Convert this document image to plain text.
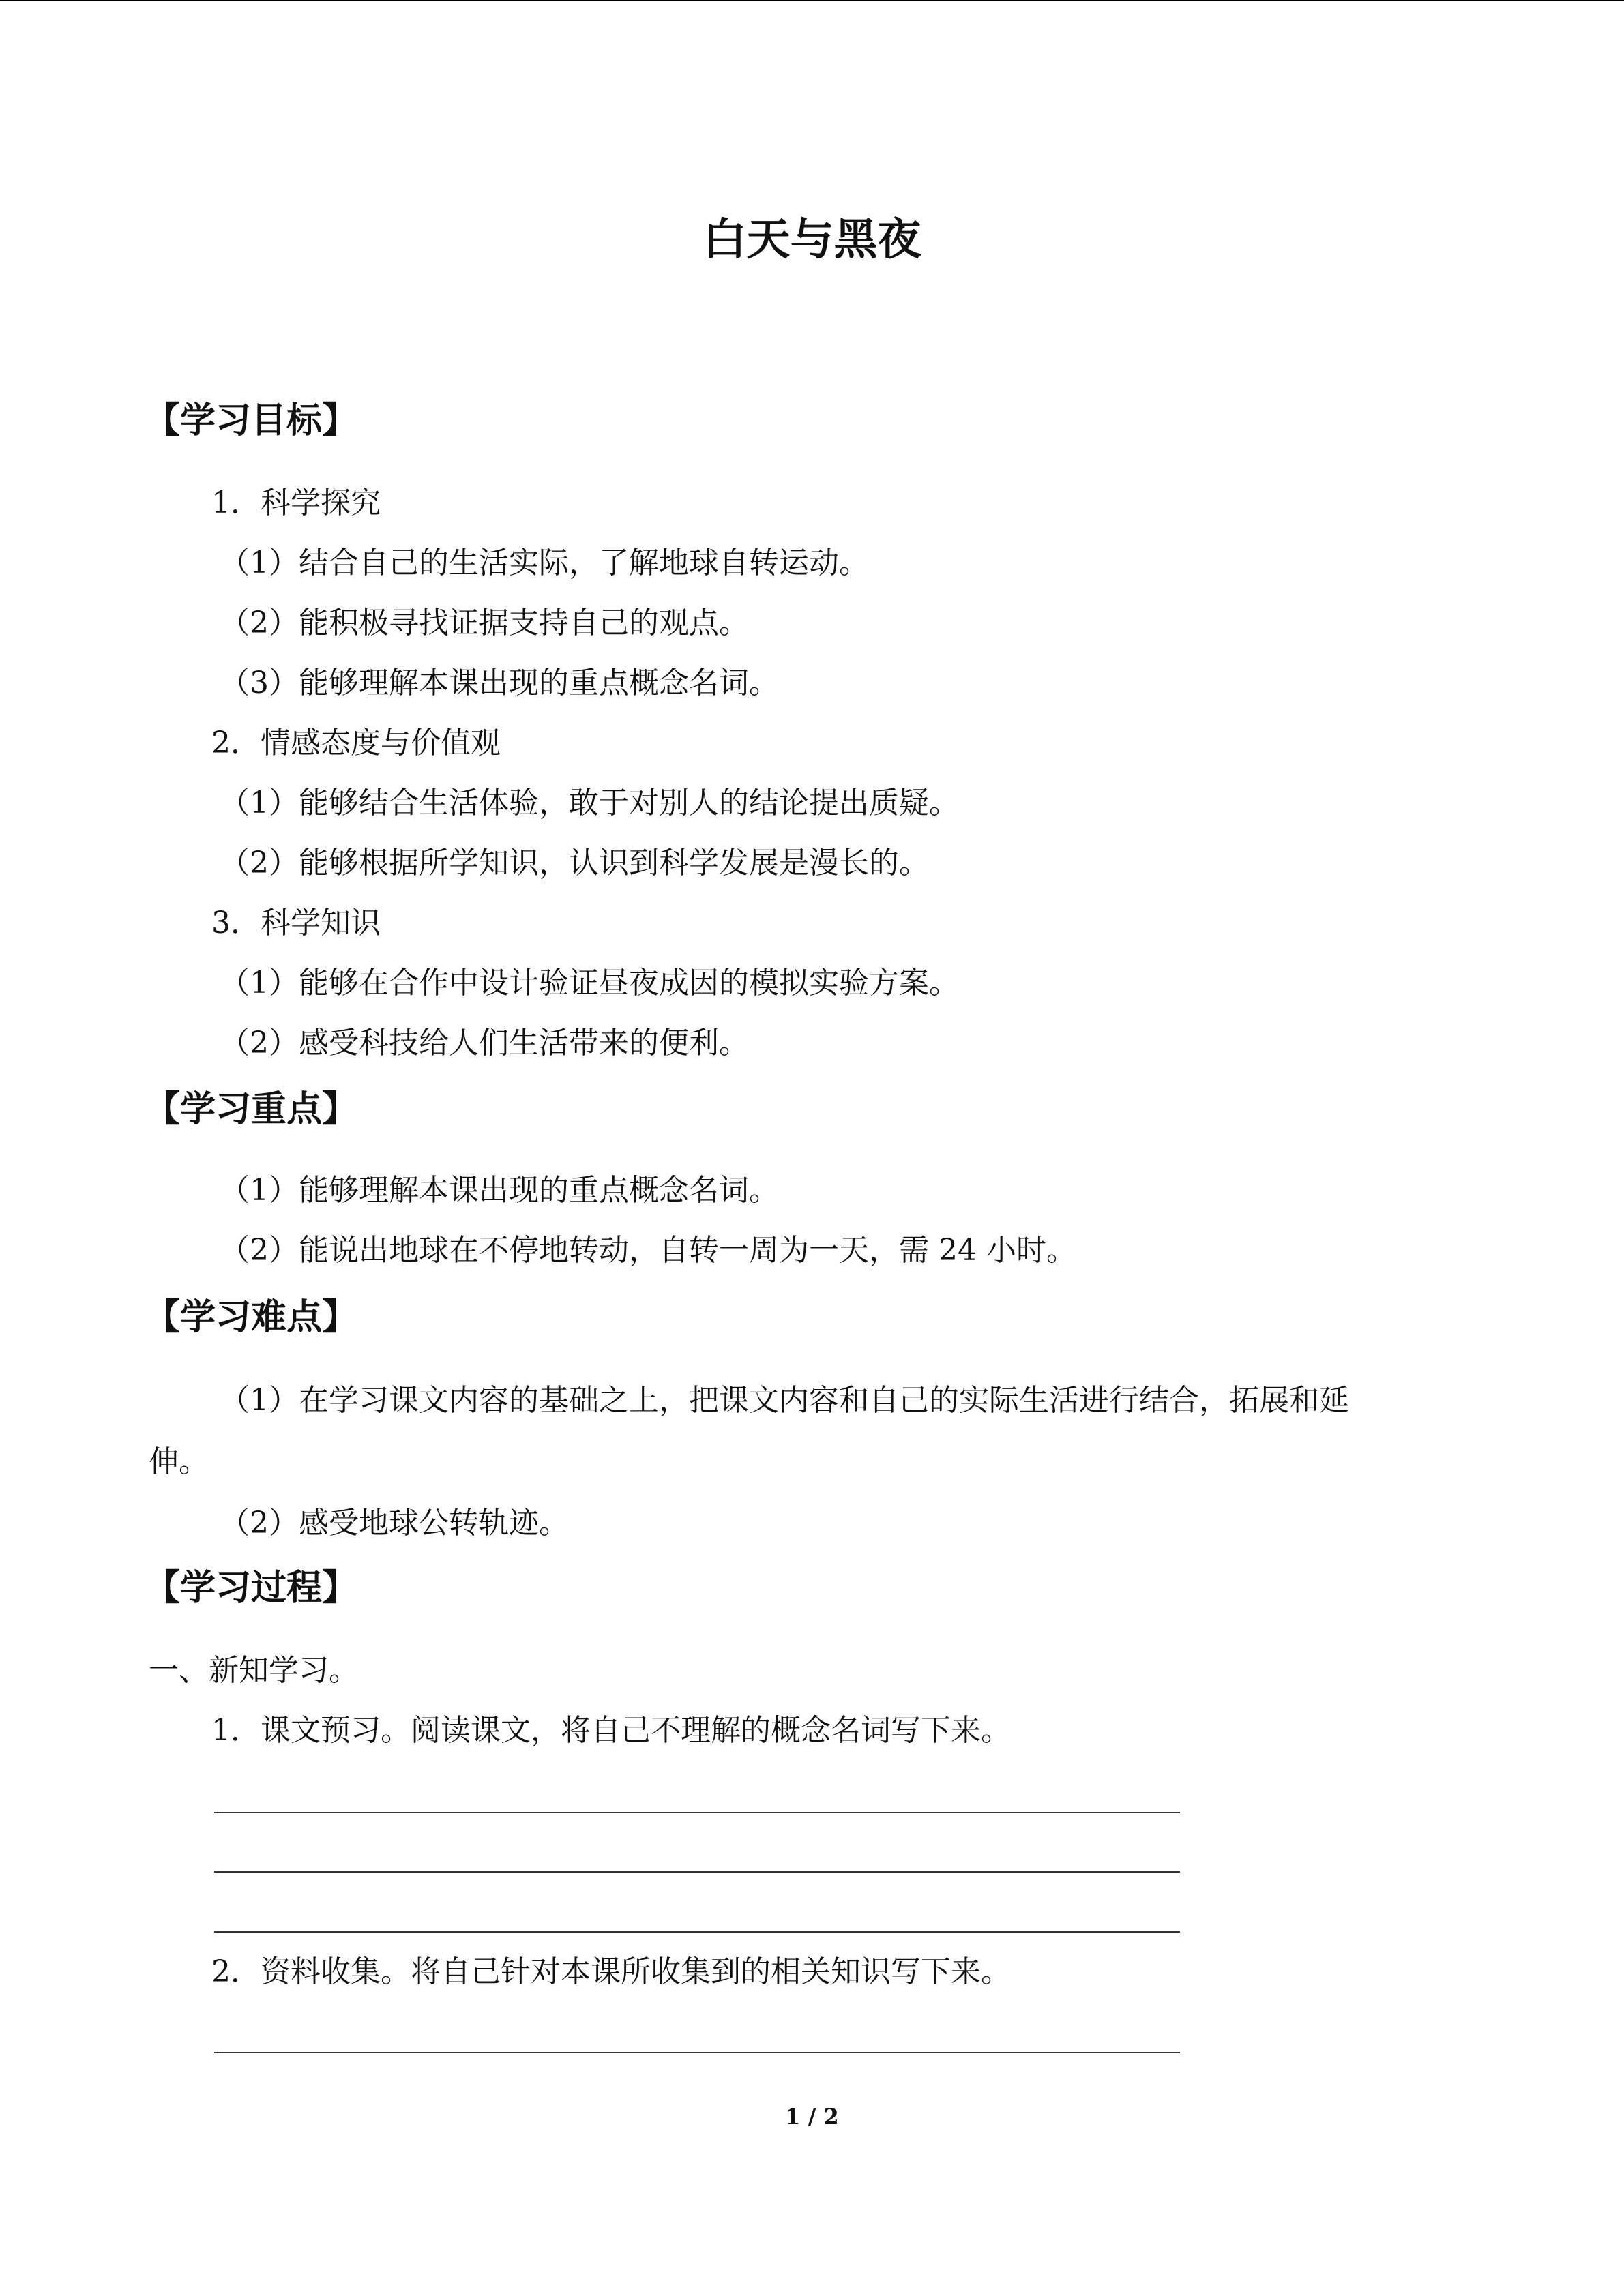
白天与黑夜
【学习目标】
1．科学探究
（1）结合自己的生活实际，了解地球自转运动。
（2）能积极寻找证据支持自己的观点。
（3）能够理解本课出现的重点概念名词。
2．情感态度与价值观
（1）能够结合生活体验，敢于对别人的结论提出质疑。
（2）能够根据所学知识，认识到科学发展是漫长的。
3．科学知识
（1）能够在合作中设计验证昼夜成因的模拟实验方案。
（2）感受科技给人们生活带来的便利。
【学习重点】
（1）能够理解本课出现的重点概念名词。
（2）能说出地球在不停地转动，自转一周为一天，需 24 小时。
【学习难点】
（1）在学习课文内容的基础之上，把课文内容和自己的实际生活进行结合，拓展和延
伸。
（2）感受地球公转轨迹。
【学习过程】
一、新知学习。
1．课文预习。阅读课文，将自己不理解的概念名词写下来。
2．资料收集。将自己针对本课所收集到的相关知识写下来。
1 / 2
